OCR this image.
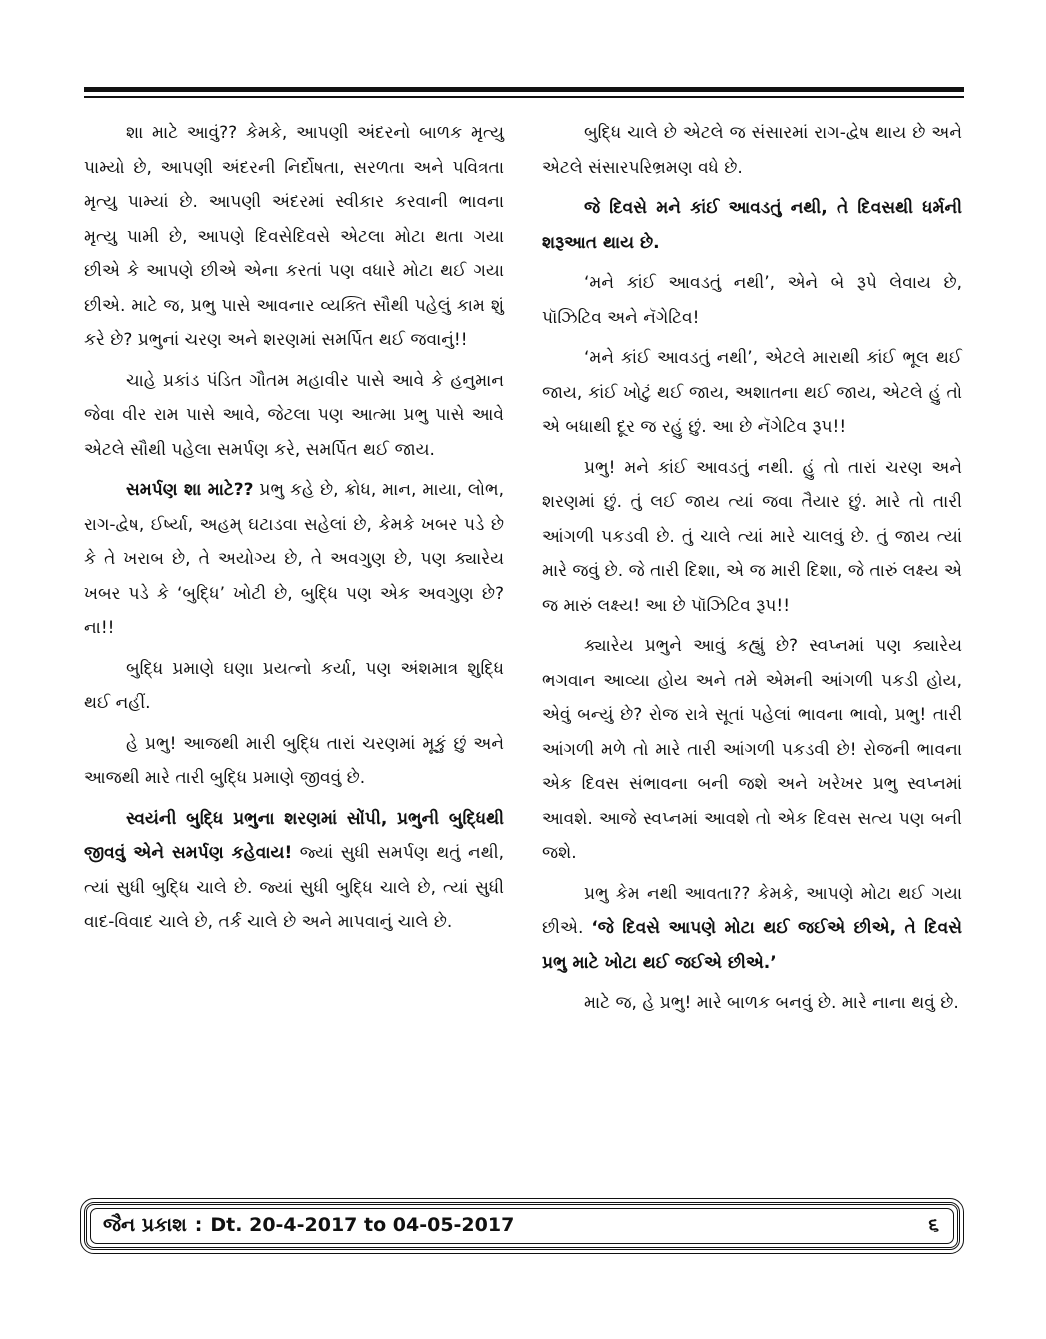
શા માટે આવું?? કેમકે, આપણી અંદરનો બાળક મૃત્યુ પામ્યો છે, આપણી અંદરની નિર્દોષતા, સરળતા અને પવિત્રતા મૃત્યુ પામ્યાં છે. આપણી અંદરમાં સ્વીકાર કરવાની ભાવના મૃત્યુ પામી છે, આપણે દિવસેદિવસે એટલા મોટા થતા ગયા છીએ કે આપણે છીએ એના કરતાં પણ વધારે મોટા થઈ ગયા છીએ. માટે જ, પ્રભુ પાસે આવનાર વ્યક્તિ સૌથી પહેલું કામ શું કરે છે? પ્રભુનાં ચરણ અને શરણમાં સમર્પિત થઈ જવાનું!!

ચાહે પ્રકાંડ પંડિત ગૌતમ મહાવીર પાસે આવે કે હનુમાન જેવા વીર રામ પાસે આવે, જેટલા પણ આત્મા પ્રભુ પાસે આવે એટલે સૌથી પહેલા સમર્પણ કરે, સમર્પિત થઈ જાય.

સમર્પણ શા માટે?? પ્રભુ કહે છે, ક્રોધ, માન, માયા, લોભ, રાગ-દ્વેષ, ઈર્ષ્યા, અહમ્ ઘટાડવા સહેલાં છે, કેમકે ખબર પડે છે કે તે ખરાબ છે, તે અયોગ્ય છે, તે અવગુણ છે, પણ ક્યારેય ખબર પડે કે ‘બુદ્ધિ’ ખોટી છે, બુદ્ધિ પણ એક અવગુણ છે? ના!!

બુદ્ધિ પ્રમાણે ઘણા પ્રયત્નો કર્યા, પણ અંશમાત્ર શુદ્ધિ થઈ નહીં.

હે પ્રભુ! આજથી મારી બુદ્ધિ તારાં ચરણમાં મૂકું છું અને આજથી મારે તારી બુદ્ધિ પ્રમાણે જીવવું છે.

સ્વયંની બુદ્ધિ પ્રભુના શરણમાં સોંપી, પ્રભુની બુદ્ધિથી જીવવું એને સમર્પણ કહેવાય! જ્યાં સુધી સમર્પણ થતું નથી, ત્યાં સુધી બુદ્ધિ ચાલે છે. જ્યાં સુધી બુદ્ધિ ચાલે છે, ત્યાં સુધી વાદ-વિવાદ ચાલે છે, તર્ક ચાલે છે અને માપવાનું ચાલે છે.

બુદ્ધિ ચાલે છે એટલે જ સંસારમાં રાગ-દ્વેષ થાય છે અને એટલે સંસારપરિભ્રમણ વધે છે.

જે દિવસે મને કાંઈ આવડતું નથી, તે દિવસથી ધર્મની શરૂઆત થાય છે.

‘મને કાંઈ આવડતું નથી’, એને બે રૂપે લેવાય છે, પૉઝિટિવ અને નૅગેટિવ!

‘મને કાંઈ આવડતું નથી’, એટલે મારાથી કાંઈ ભૂલ થઈ જાય, કાંઈ ખોટું થઈ જાય, અશાતના થઈ જાય, એટલે હું તો એ બધાથી દૂર જ રહું છું. આ છે નૅગેટિવ રૂપ!!

પ્રભુ! મને કાંઈ આવડતું નથી. હું તો તારાં ચરણ અને શરણમાં છું. તું લઈ જાય ત્યાં જવા તૈયાર છું. મારે તો તારી આંગળી પકડવી છે. તું ચાલે ત્યાં મારે ચાલવું છે. તું જાય ત્યાં મારે જવું છે. જે તારી દિશા, એ જ મારી દિશા, જે તારું લક્ષ્ય એ જ મારું લક્ષ્ય! આ છે પૉઝિટિવ રૂપ!!

ક્યારેય પ્રભુને આવું કહ્યું છે? સ્વપ્નમાં પણ ક્યારેય ભગવાન આવ્યા હોય અને તમે એમની આંગળી પકડી હોય, એવું બન્યું છે? રોજ રાત્રે સૂતાં પહેલાં ભાવના ભાવો, પ્રભુ! તારી આંગળી મળે તો મારે તારી આંગળી પકડવી છે! રોજની ભાવના એક દિવસ સંભાવના બની જશે અને ખરેખર પ્રભુ સ્વપ્નમાં આવશે. આજે સ્વપ્નમાં આવશે તો એક દિવસ સત્ય પણ બની જશે.

પ્રભુ કેમ નથી આવતા?? કેમકે, આપણે મોટા થઈ ગયા છીએ. ‘જે દિવસે આપણે મોટા થઈ જઈએ છીએ, તે દિવસે પ્રભુ માટે ખોટા થઈ જઈએ છીએ.’

માટે જ, હે પ્રભુ! મારે બાળક બનવું છે. મારે નાના થવું છે.

જૈન પ્રકાશ : Dt. 20-4-2017 to 04-05-2017	૬
